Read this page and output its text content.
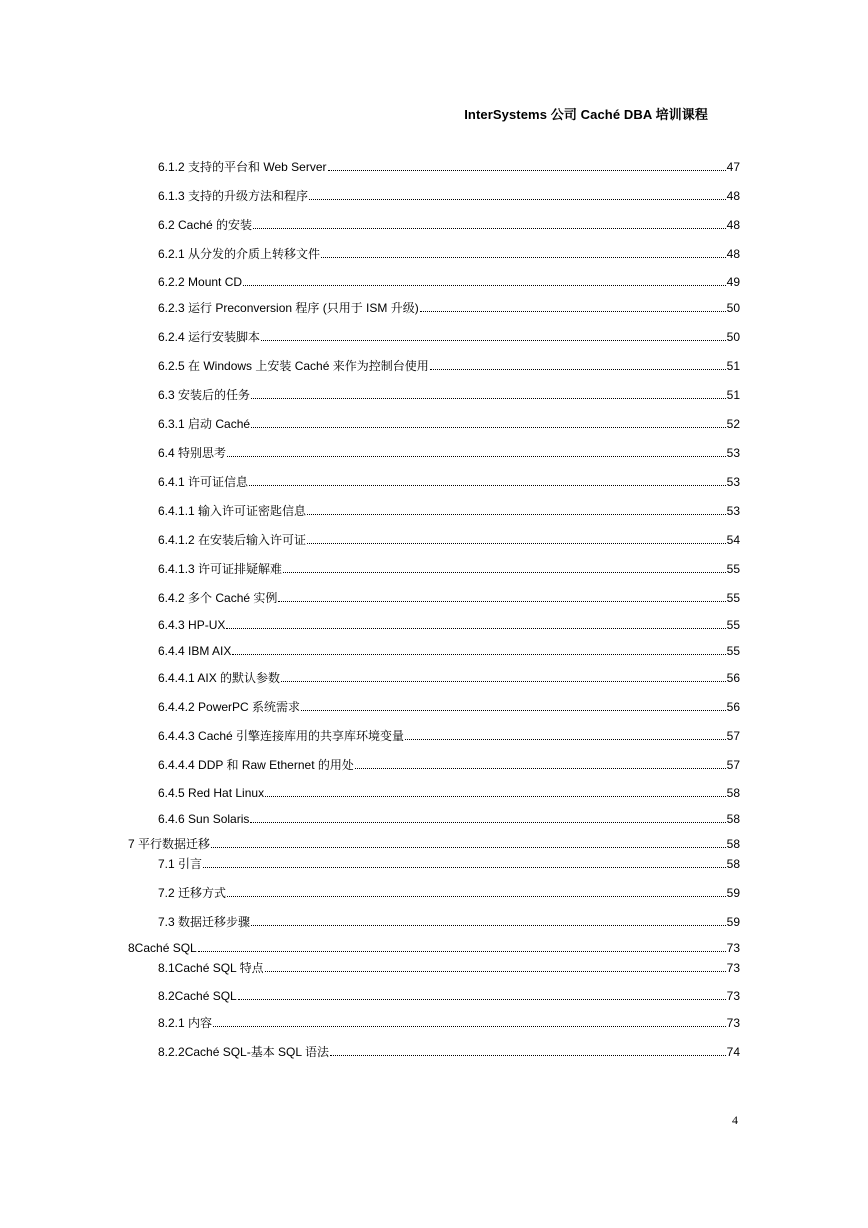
InterSystems 公司 Caché DBA 培训课程
6.1.2 支持的平台和 Web Server	47
6.1.3 支持的升级方法和程序	48
6.2 Caché 的安装	48
6.2.1 从分发的介质上转移文件	48
6.2.2 Mount CD	49
6.2.3 运行 Preconversion 程序 (只用于 ISM 升级)	50
6.2.4 运行安装脚本	50
6.2.5 在 Windows 上安装 Caché 来作为控制台使用	51
6.3 安装后的任务	51
6.3.1 启动 Caché	52
6.4 特别思考	53
6.4.1 许可证信息	53
6.4.1.1 输入许可证密匙信息	53
6.4.1.2 在安装后输入许可证	54
6.4.1.3 许可证排疑解难	55
6.4.2 多个 Caché 实例	55
6.4.3 HP-UX	55
6.4.4 IBM AIX	55
6.4.4.1 AIX 的默认参数	56
6.4.4.2 PowerPC 系统需求	56
6.4.4.3 Caché 引擎连接库用的共享库环境变量	57
6.4.4.4 DDP 和 Raw Ethernet 的用处	57
6.4.5 Red Hat Linux	58
6.4.6 Sun Solaris	58
7 平行数据迁移	58
7.1 引言	58
7.2 迁移方式	59
7.3 数据迁移步骤	59
8Caché SQL	73
8.1Caché SQL 特点	73
8.2Caché SQL	73
8.2.1 内容	73
8.2.2Caché SQL-基本 SQL 语法	74
4
